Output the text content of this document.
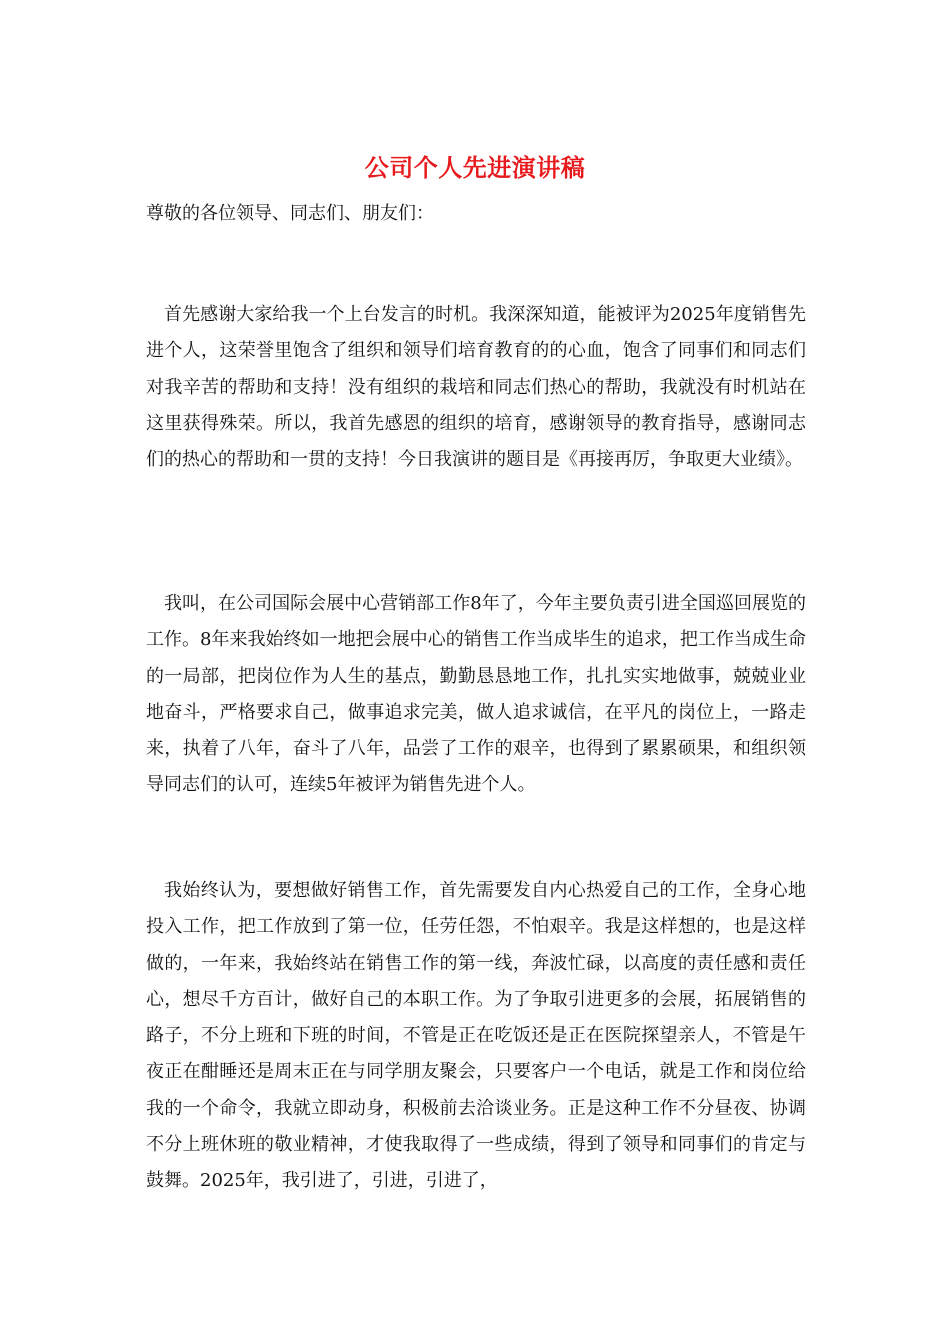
公司个人先进演讲稿
尊敬的各位领导、同志们、朋友们：

首先感谢大家给我一个上台发言的时机。我深深知道，能被评为2025年度销售先进个人，这荣誉里饱含了组织和领导们培育教育的的心血，饱含了同事们和同志们对我辛苦的帮助和支持！没有组织的栽培和同志们热心的帮助，我就没有时机站在这里获得殊荣。所以，我首先感恩的组织的培育，感谢领导的教育指导，感谢同志们的热心的帮助和一贯的支持！今日我演讲的题目是《再接再厉，争取更大业绩》。

我叫，在公司国际会展中心营销部工作8年了，今年主要负责引进全国巡回展览的工作。8年来我始终如一地把会展中心的销售工作当成毕生的追求，把工作当成生命的一局部，把岗位作为人生的基点，勤勤恳恳地工作，扎扎实实地做事，兢兢业业地奋斗，严格要求自己，做事追求完美，做人追求诚信，在平凡的岗位上，一路走来，执着了八年，奋斗了八年，品尝了工作的艰辛，也得到了累累硕果，和组织领导同志们的认可，连续5年被评为销售先进个人。

我始终认为，要想做好销售工作，首先需要发自内心热爱自己的工作，全身心地投入工作，把工作放到了第一位，任劳任怨，不怕艰辛。我是这样想的，也是这样做的，一年来，我始终站在销售工作的第一线，奔波忙碌，以高度的责任感和责任心，想尽千方百计，做好自己的本职工作。为了争取引进更多的会展，拓展销售的路子，不分上班和下班的时间，不管是正在吃饭还是正在医院探望亲人，不管是午夜正在酣睡还是周末正在与同学朋友聚会，只要客户一个电话，就是工作和岗位给我的一个命令，我就立即动身，积极前去洽谈业务。正是这种工作不分昼夜、协调不分上班休班的敬业精神，才使我取得了一些成绩，得到了领导和同事们的肯定与鼓舞。2025年，我引进了，引进，引进了，
